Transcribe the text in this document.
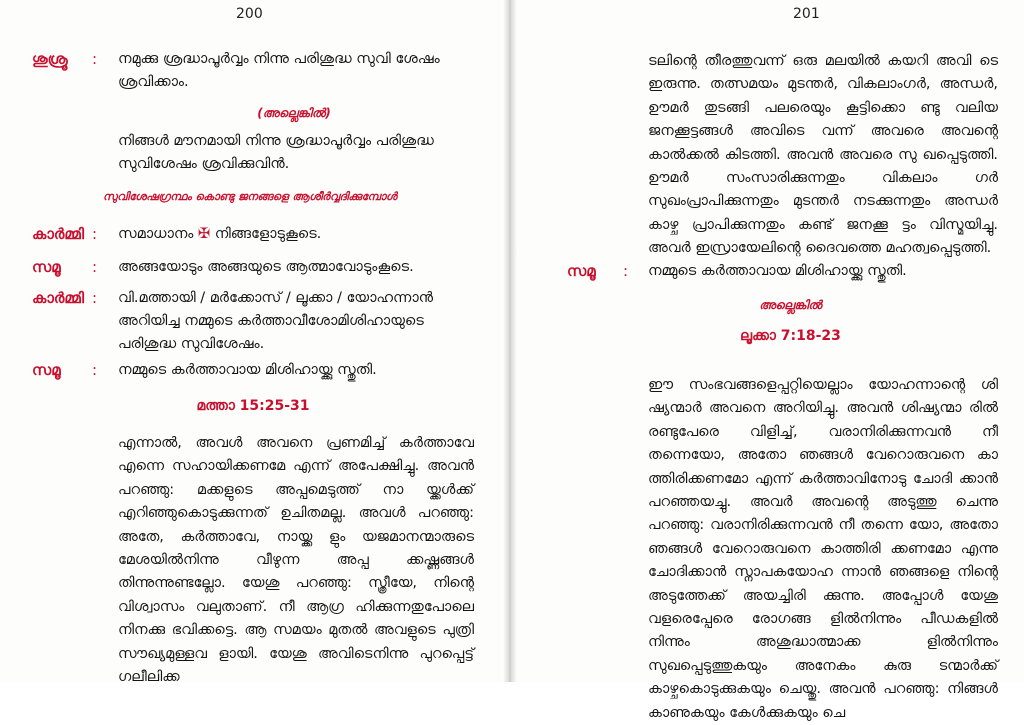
200
ശുശ്രൂ : നമുക്കു ശ്രദ്ധാപൂർവ്വം നിന്നു പരിശുദ്ധ സുവി ശേഷം ശ്രവിക്കാം.
(അല്ലെങ്കിൽ)
നിങ്ങൾ മൗനമായി നിന്നു ശ്രദ്ധാപൂർവ്വം പരിശുദ്ധ സുവിശേഷം ശ്രവിക്കുവിൻ.
സുവിശേഷഗ്രന്ഥം കൊണ്ടു ജനങ്ങളെ ആശീർവ്വദിക്കുമ്പോൾ
കാർമ്മി : സമാധാനം ✠ നിങ്ങളോടുകൂടെ.
സമൂ : അങ്ങയോടും അങ്ങയുടെ ആത്മാവോടുംകൂടെ.
കാർമ്മി : വി.മത്തായി / മർക്കോസ് / ലൂക്കാ / യോഹന്നാൻ അറിയിച്ച നമ്മുടെ കർത്താവീശോമിശിഹായുടെ പരിശുദ്ധ സുവിശേഷം.
സമൂ : നമ്മുടെ കർത്താവായ മിശിഹായ്ക്കു സ്തുതി.
മത്താ 15:25-31
എന്നാൽ, അവൾ അവനെ പ്രണമിച്ച് കർത്താവേ എന്നെ സഹായിക്കണമേ എന്ന് അപേക്ഷിച്ചു. അവൻ പറഞ്ഞു: മക്കളുടെ അപ്പമെടുത്ത് നാ യ്ക്കൾക്ക് എറിഞ്ഞുകൊടുക്കുന്നത് ഉചിതമല്ല. അവൾ പറഞ്ഞു: അതേ, കർത്താവേ, നായ്ക്ക ളും യജമാനന്മാരുടെ മേശയിൽനിന്നു വീഴുന്ന അപ്പ ക്കഷ്ണങ്ങൾ തിന്നുന്നുണ്ടല്ലോ. യേശു പറഞ്ഞു: സ്ത്രീയേ, നിന്റെ വിശ്വാസം വലുതാണ്. നീ ആഗ്ര ഹിക്കുന്നതുപോലെ നിനക്കു ഭവിക്കട്ടെ. ആ സമയം മുതൽ അവളുടെ പുത്രി സൗഖ്യമുള്ളവ ളായി. യേശു അവിടെനിന്നു പുറപ്പെട്ട് ഗലീലിക്ക
201
ടലിന്റെ തീരത്തുവന്ന് ഒരു മലയിൽ കയറി അവി ടെ ഇരുന്നു. തത്സമയം മുടന്തർ, വികലാംഗർ, അന്ധർ, ഊമർ തുടങ്ങി പലരെയും കൂട്ടിക്കൊ ണ്ടു വലിയ ജനക്കൂട്ടങ്ങൾ അവിടെ വന്ന് അവരെ അവന്റെ കാൽക്കൽ കിടത്തി. അവൻ അവരെ സു ഖപ്പെടുത്തി. ഊമർ സംസാരിക്കുന്നതും വികലാം ഗർ സുഖംപ്രാപിക്കുന്നതും മുടന്തർ നടക്കുന്നതും അന്ധർ കാഴ്ച പ്രാപിക്കുന്നതും കണ്ട് ജനക്കൂ ട്ടം വിസ്മയിച്ചു. അവർ ഇസ്രായേലിന്റെ ദൈവത്തെ മഹത്വപ്പെടുത്തി.
സമൂ : നമ്മുടെ കർത്താവായ മിശിഹായ്ക്കു സ്തുതി.
അല്ലെങ്കിൽ
ലൂക്കാ 7:18-23
ഈ സംഭവങ്ങളെപ്പറ്റിയെല്ലാം യോഹന്നാന്റെ ശി ഷ്യന്മാർ അവനെ അറിയിച്ചു. അവൻ ശിഷ്യന്മാ രിൽ രണ്ടുപേരെ വിളിച്ച്, വരാനിരിക്കുന്നവൻ നീ തന്നെയോ, അതോ ഞങ്ങൾ വേറൊരുവനെ കാ ത്തിരിക്കണമോ എന്ന് കർത്താവിനോടു ചോദി ക്കാൻ പറഞ്ഞയച്ചു. അവർ അവന്റെ അടുത്തു ചെന്നു പറഞ്ഞു: വരാനിരിക്കുന്നവൻ നീ തന്നെ യോ, അതോ ഞങ്ങൾ വേറൊരുവനെ കാത്തിരി ക്കണമോ എന്നു ചോദിക്കാൻ സ്നാപകയോഹ ന്നാൻ ഞങ്ങളെ നിന്റെ അടുത്തേക്ക് അയച്ചിരി ക്കുന്നു. അപ്പോൾ യേശു വളരെപ്പേരെ രോഗങ്ങ ളിൽനിന്നും പീഡകളിൽ നിന്നും അശുദ്ധാത്മാക്ക ളിൽനിന്നും സുഖപ്പെടുത്തുകയും അനേകം കുരു ടന്മാർക്ക് കാഴ്ചകൊടുക്കുകയും ചെയ്തു. അവൻ പറഞ്ഞു: നിങ്ങൾ കാണുകയും കേൾക്കുകയും ചെ
